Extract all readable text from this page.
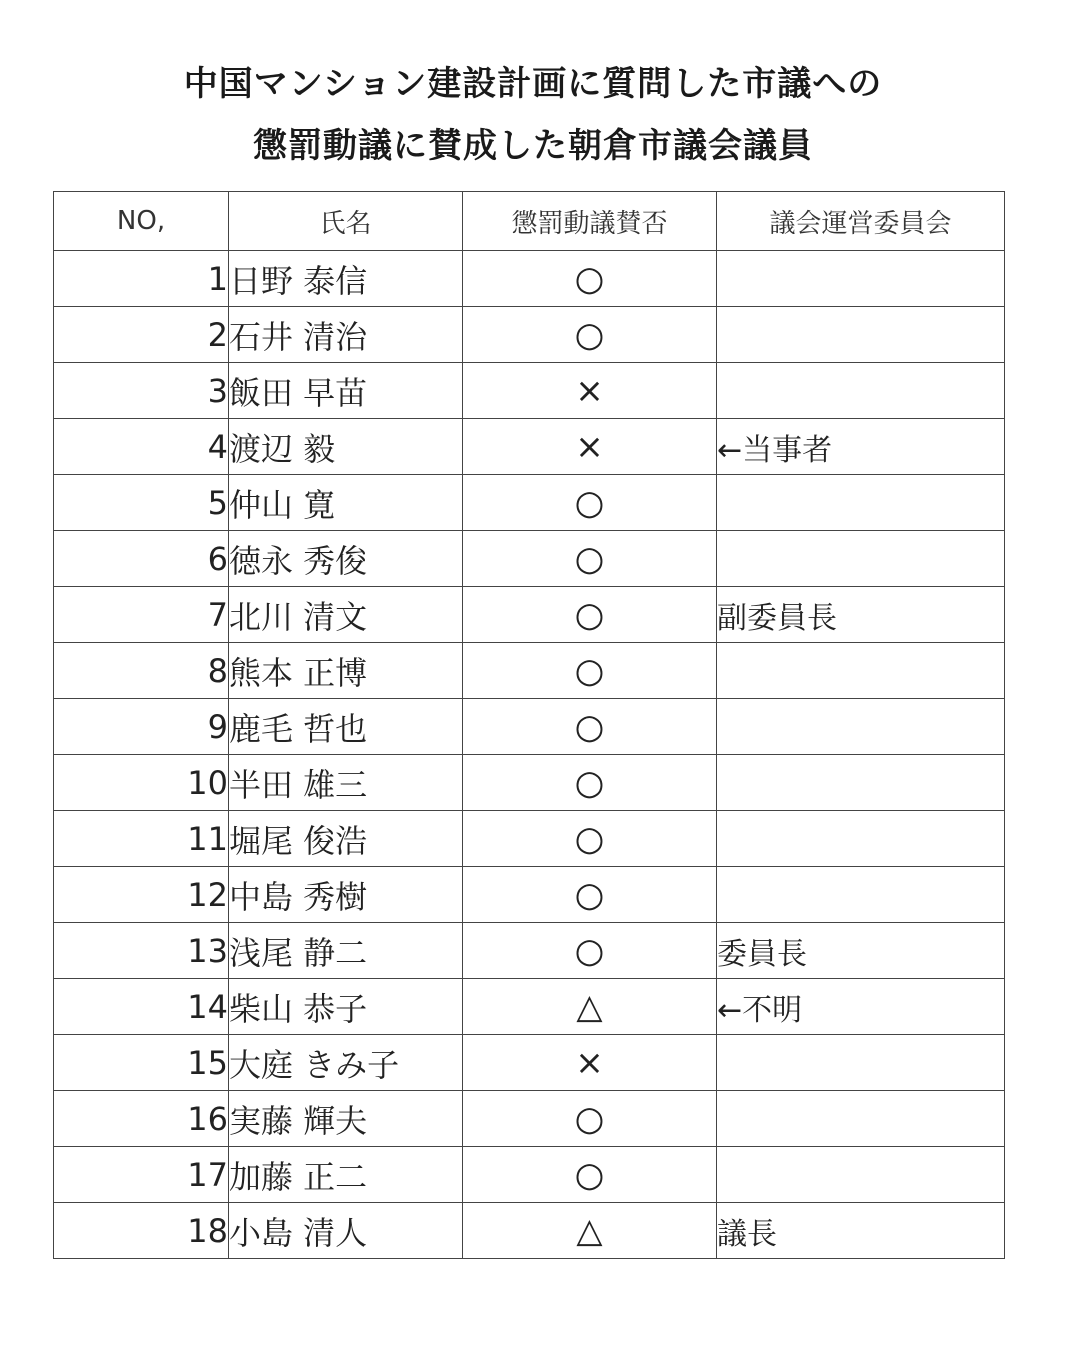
中国マンション建設計画に質問した市議への
懲罰動議に賛成した朝倉市議会議員
NO,	氏名	懲罰動議賛否	議会運営委員会
1	日野 泰信	○	
2	石井 清治	○	
3	飯田 早苗	×	
4	渡辺 毅	×	←当事者
5	仲山 寛	○	
6	徳永 秀俊	○	
7	北川 清文	○	副委員長
8	熊本 正博	○	
9	鹿毛 哲也	○	
10	半田 雄三	○	
11	堀尾 俊浩	○	
12	中島 秀樹	○	
13	浅尾 静二	○	委員長
14	柴山 恭子	△	←不明
15	大庭 きみ子	×	
16	実藤 輝夫	○	
17	加藤 正二	○	
18	小島 清人	△	議長
